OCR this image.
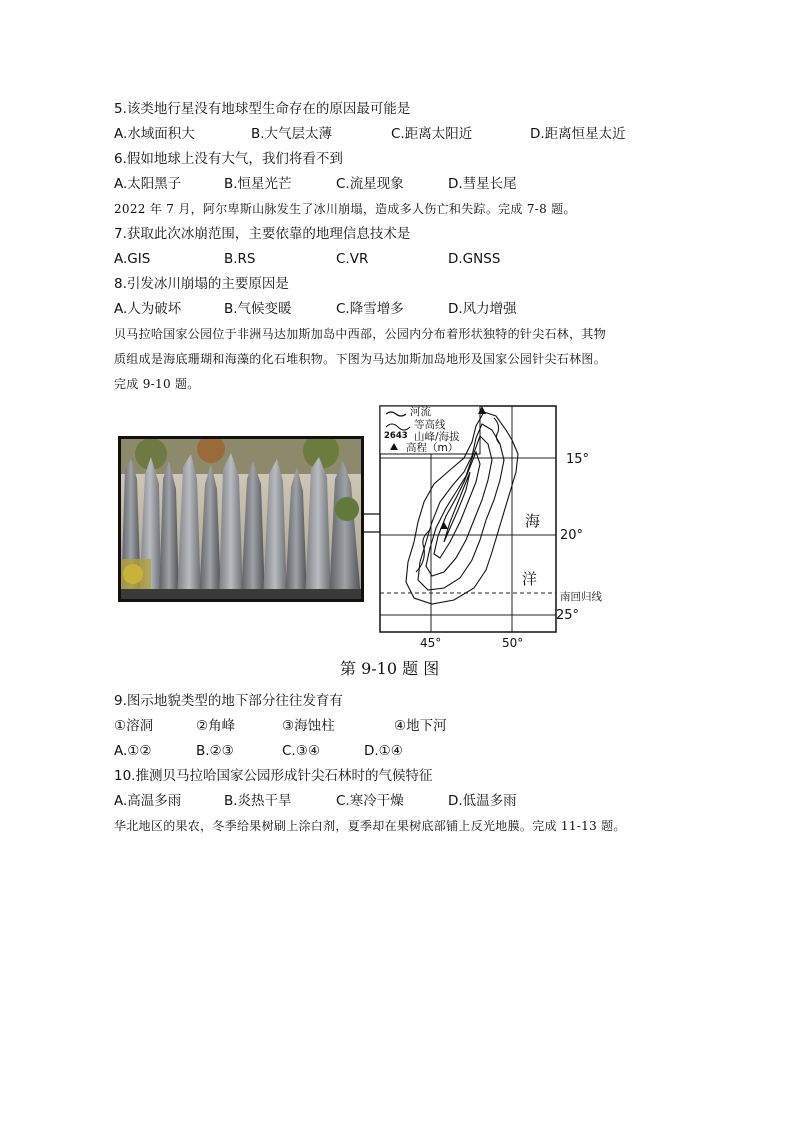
5.该类地行星没有地球型生命存在的原因最可能是
A.水域面积大	B.大气层太薄	C.距离太阳近	D.距离恒星太近
6.假如地球上没有大气，我们将看不到
A.太阳黑子	B.恒星光芒	C.流星现象	D.彗星长尾
2022 年 7 月，阿尔卑斯山脉发生了冰川崩塌，造成多人伤亡和失踪。完成 7-8 题。
7.获取此次冰崩范围，主要依靠的地理信息技术是
A.GIS	B.RS	C.VR	D.GNSS
8.引发冰川崩塌的主要原因是
A.人为破坏	B.气候变暖	C.降雪增多	D.风力增强
贝马拉哈国家公园位于非洲马达加斯加岛中西部，公园内分布着形状独特的针尖石林，其物
质组成是海底珊瑚和海藻的化石堆积物。下图为马达加斯加岛地形及国家公园针尖石林图。
完成 9-10 题。
河流
等高线
2643 山峰/海拔
高程（m）
15°
20°
25°
45°	50°
海
洋
南回归线
第 9-10 题 图
9.图示地貌类型的地下部分往往发育有
①溶洞	②角峰	③海蚀柱	④地下河
A.①②	B.②③	C.③④	D.①④
10.推测贝马拉哈国家公园形成针尖石林时的气候特征
A.高温多雨	B.炎热干旱	C.寒冷干燥	D.低温多雨
华北地区的果农，冬季给果树刷上涂白剂，夏季却在果树底部铺上反光地膜。完成 11-13 题。
